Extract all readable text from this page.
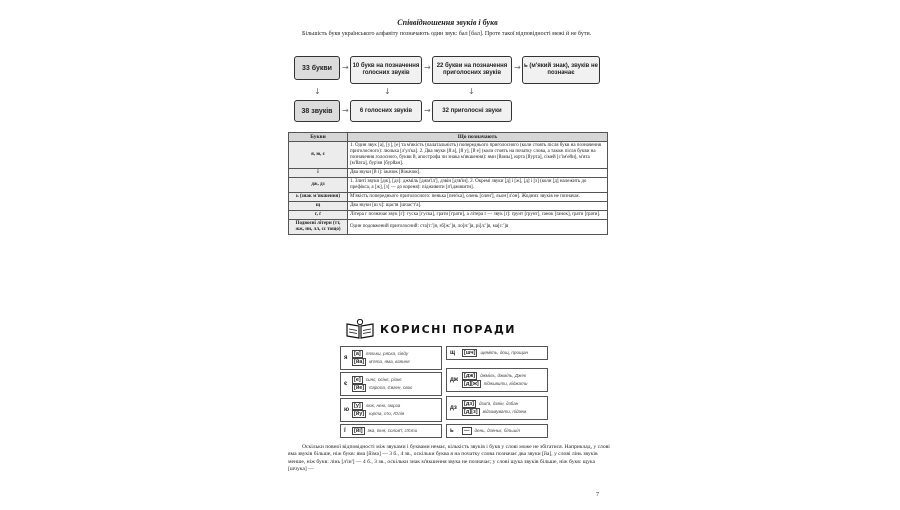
Співвідношення звуків і букв
Більшість букв українського алфавіту позначають один звук: бал [бал]. Проте такої відповідності межі й не бути.
33 букви	→ 10 букв на позначення голосних звуків
→	22 букви на позначення приголосних звуків
→ ь (м'який знак), звуків не позначає
↓	↓	↓
38 звуків	→	6 голосних звуків	→	32 приголосні звуки
Букви	Що позначають
я, ю, є	1. Один звук [а], [у], [е] та м'якість (палатальність) попереднього приголосного (коли стоять після букв на позначення приголосного): люлька [л'ул'ка]. 2. Два звуки [й а], [й у], [й е] (коли стоять на початку слова, а також після букви на позначення голосного, букви й, апострофа чи знака м'якшення): ями [йамы], юрта [йурта], сімей [с'ім'ейи], м'ята [м'йата], бур'ян [бурйан].
ї	Два звуки [й і]: їжачок [йіжачок].
дж, дз	1. Злиті звуки [дж], [дз]: джміль [джм'іл'], дзвін [дзв'ін]. 2. Окремі звуки [д] і [ж], [д] і [з] (коли [д] належить до префікса, а [ж], [з] — до кореня): підживити [п'ідживити].
ь (знак м'якшення)	М'якість попереднього приголосного: пенька [пен'ка], олень [олен'], льон [л'он]. Жодних звуків не позначає.
щ	Два звуки [ш ч]: щастя [шчас'т'а].
г, ґ	Літера г позначає звук [г]: гуска [гуска], грати [грати], а літера ґ — звук [ґ]: ґрунт [ґрунт], ґанок [ґанок], ґрати [ґрати].
Подвоєні літери (тт, жж, нн, лл, сс тощо)	Один подовжений приголосний: ста[т:']я, зб[ж:']я, ло[н:']я, рі[л:']я, ма[с:']я
КОРИСНІ ПОРАДИ
я
[а]	ляльки, ряска, сіяду
[йа]	м'ята, яма, взяння
щ	[шч]	щеміть, дощ, прощан
є
[е]	синє, осінє, різнє
[йе]	Європа, Євген, своє
дж
[дж]	джміль, джміль, Джек
[д][ж]	підживити, віджати
ю
[у]	люк, нею, зюрза
[йу]	юрта, п'ю, Юлія
дз
[дз]	дзиґа, дзвін, дзбан
[д][з]	відзимувати, підзем
ї	[йі]	їжа, їхня, солов'ї, з'їсти	ь	—	день, дзеньк, більшіл
Оскільки повної відповідності між звуками і буквами немає, кількість звуків і букв у слові може не збігатися. Наприклад, у слові яма звуків більше, ніж букв: яма [йіма] — 3 б., 4 зв., оскільки буква я на початку слова позначає два звуки [йа], у слові лінь звуків менше, ніж букв: лінь [л'ін'] — 4 б., 3 зв., оскільки знак м'якшення звука не позначає; у слові щука звуків більше, ніж букв: щука [шчука] —
7
